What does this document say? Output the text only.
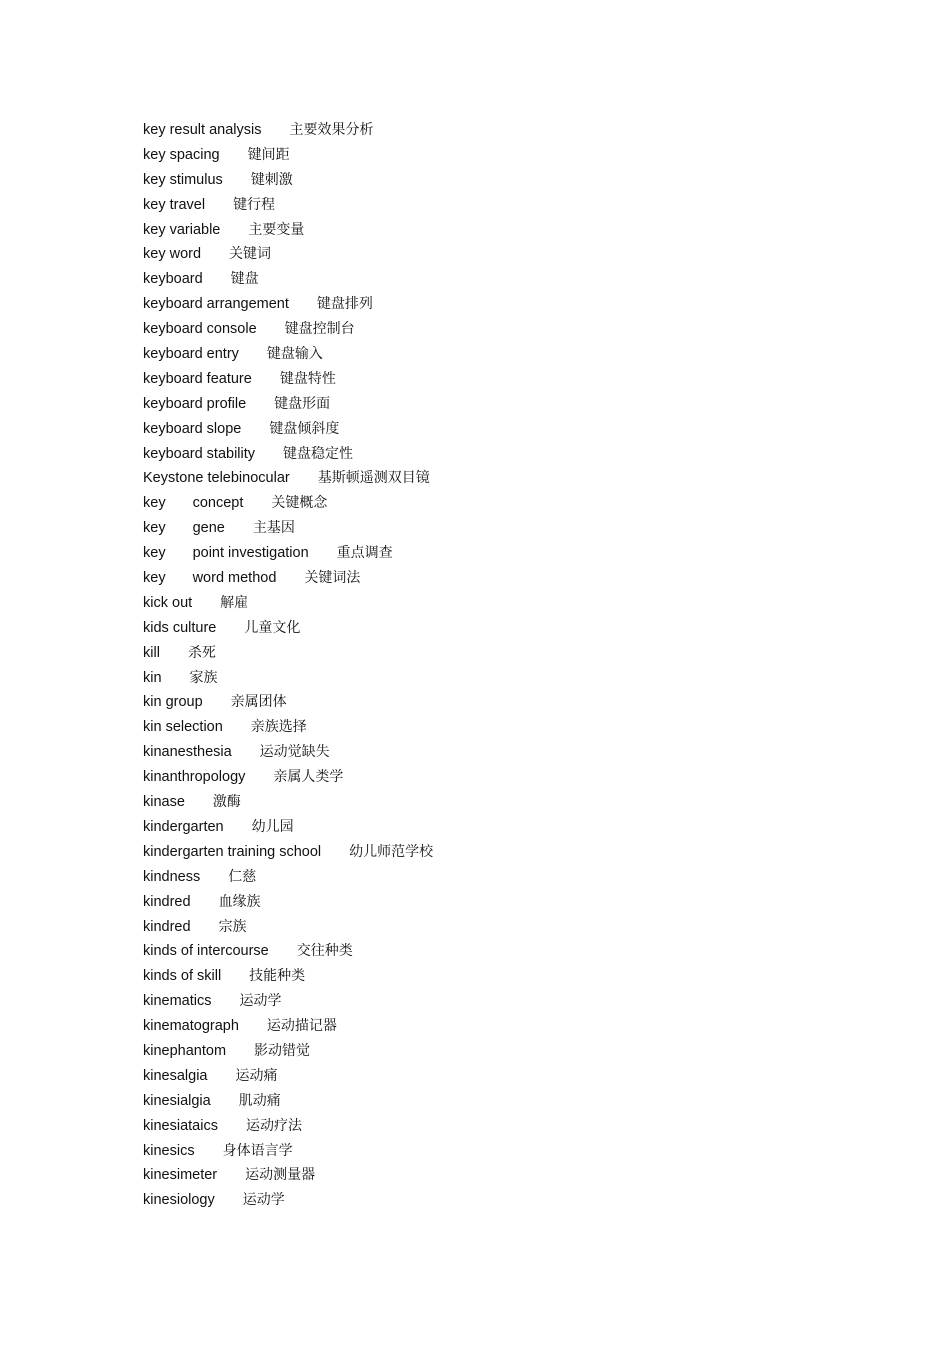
key result analysis 主要效果分析
key spacing 键间距
key stimulus 键刺激
key travel 键行程
key variable 主要变量
key word 关键词
keyboard 键盘
keyboard arrangement 键盘排列
keyboard console 键盘控制台
keyboard entry 键盘输入
keyboard feature 键盘特性
keyboard profile 键盘形面
keyboard slope 键盘倾斜度
keyboard stability 键盘稳定性
Keystone telebinocular 基斯顿遥测双目镜
key concept 关键概念
key gene 主基因
key point investigation 重点调查
key word method 关键词法
kick out 解雇
kids culture 儿童文化
kill 杀死
kin 家族
kin group 亲属团体
kin selection 亲族选择
kinanesthesia 运动觉缺失
kinanthropology 亲属人类学
kinase 激酶
kindergarten 幼儿园
kindergarten training school 幼儿师范学校
kindness 仁慈
kindred 血缘族
kindred 宗族
kinds of intercourse 交往种类
kinds of skill 技能种类
kinematics 运动学
kinematograph 运动描记器
kinephantom 影动错觉
kinesalgia 运动痛
kinesialgia 肌动痛
kinesiataics 运动疗法
kinesics 身体语言学
kinesimeter 运动测量器
kinesiology 运动学
